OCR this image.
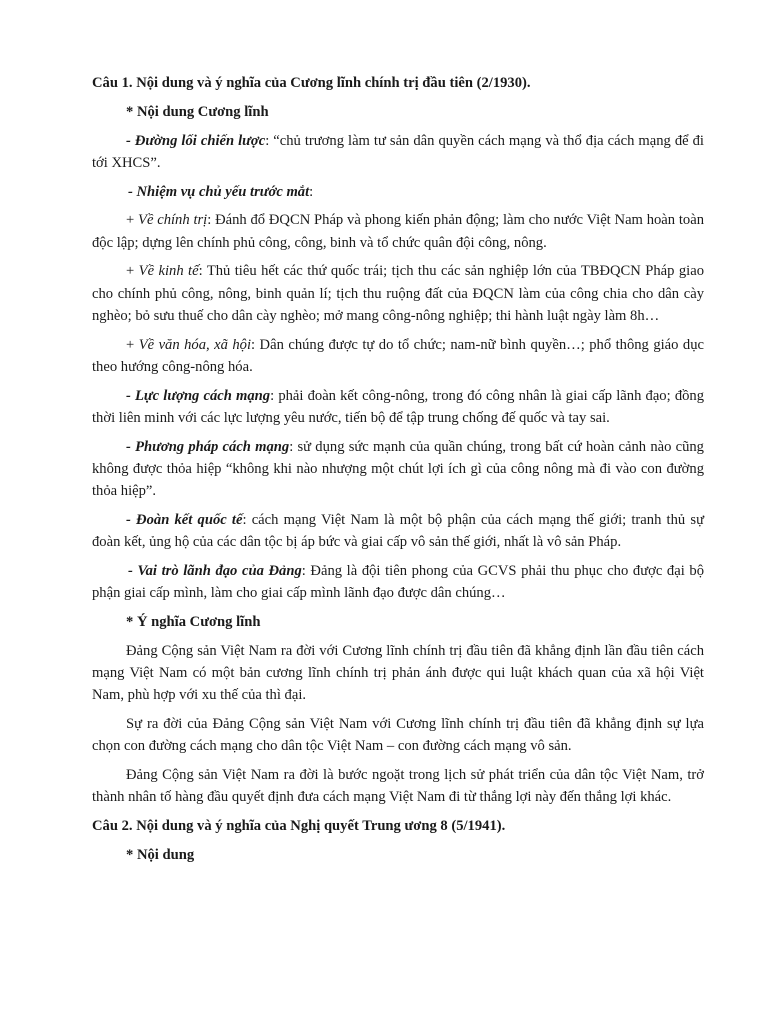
Câu 1. Nội dung và ý nghĩa của Cương lĩnh chính trị đầu tiên (2/1930).

* Nội dung Cương lĩnh

- Đường lối chiến lược: “chủ trương làm tư sản dân quyền cách mạng và thổ địa cách mạng để đi tới XHCS”.

- Nhiệm vụ chủ yếu trước mắt:

+ Về chính trị: Đánh đổ ĐQCN Pháp và phong kiến phản động; làm cho nước Việt Nam hoàn toàn độc lập; dựng lên chính phủ công, công, binh và tổ chức quân đội công, nông.

+ Về kinh tế: Thủ tiêu hết các thứ quốc trái; tịch thu các sản nghiệp lớn của TBĐQCN Pháp giao cho chính phủ công, nông, binh quản lí; tịch thu ruộng đất của ĐQCN làm của công chia cho dân cày nghèo; bỏ sưu thuế cho dân cày nghèo; mở mang công-nông nghiệp; thi hành luật ngày làm 8h…

+ Về văn hóa, xã hội: Dân chúng được tự do tổ chức; nam-nữ bình quyền…; phổ thông giáo dục theo hướng công-nông hóa.

- Lực lượng cách mạng: phải đoàn kết công-nông, trong đó công nhân là giai cấp lãnh đạo; đồng thời liên minh với các lực lượng yêu nước, tiến bộ để tập trung chống đế quốc và tay sai.

- Phương pháp cách mạng: sử dụng sức mạnh của quần chúng, trong bất cứ hoàn cảnh nào cũng không được thỏa hiệp “không khi nào nhượng một chút lợi ích gì của công nông mà đi vào con đường thỏa hiệp”.

- Đoàn kết quốc tế: cách mạng Việt Nam là một bộ phận của cách mạng thế giới; tranh thủ sự đoàn kết, ủng hộ của các dân tộc bị áp bức và giai cấp vô sản thế giới, nhất là vô sản Pháp.

- Vai trò lãnh đạo của Đảng: Đảng là đội tiên phong của GCVS phải thu phục cho được đại bộ phận giai cấp mình, làm cho giai cấp mình lãnh đạo được dân chúng…

* Ý nghĩa Cương lĩnh

Đảng Cộng sản Việt Nam ra đời với Cương lĩnh chính trị đầu tiên đã khẳng định lần đầu tiên cách mạng Việt Nam có một bản cương lĩnh chính trị phản ánh được qui luật khách quan của xã hội Việt Nam, phù hợp với xu thế của thì đại.

Sự ra đời của Đảng Cộng sản Việt Nam với Cương lĩnh chính trị đầu tiên đã khẳng định sự lựa chọn con đường cách mạng cho dân tộc Việt Nam – con đường cách mạng vô sản.

Đảng Cộng sản Việt Nam ra đời là bước ngoặt trong lịch sử phát triển của dân tộc Việt Nam, trở thành nhân tố hàng đầu quyết định đưa cách mạng Việt Nam đi từ thắng lợi này đến thắng lợi khác.

Câu 2. Nội dung và ý nghĩa của Nghị quyết Trung ương 8 (5/1941).

* Nội dung
